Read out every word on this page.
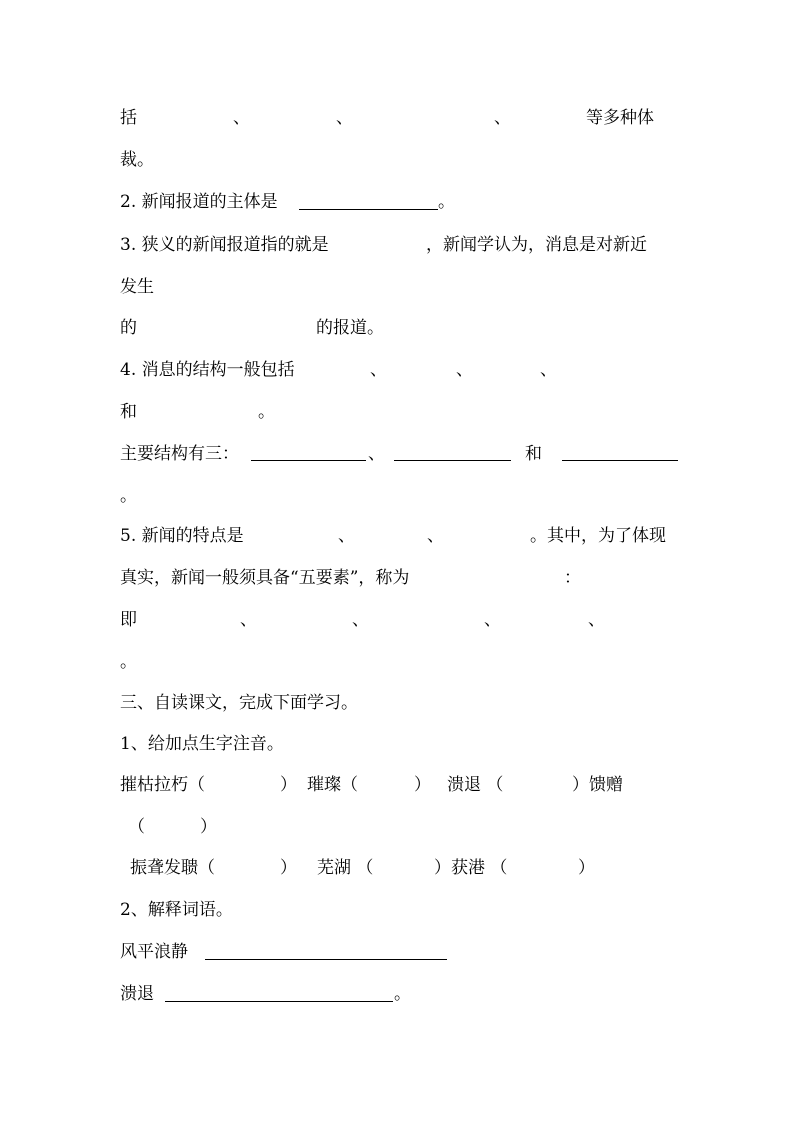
括

	、

	、

	、

	等多种体

裁。

2. 新闻报道的主体是

	。

3. 狭义的新闻报道指的就是

	，新闻学认为，消息是对新近

发生

的

	的报道。

4. 消息的结构一般包括

	、

	、

	、

和

	。

主要结构有三：

	、

	和

。

5. 新闻的特点是

	、

	、

	。其中，为了体现

真实，新闻一般须具备“五要素”，称为

	：

即

	、

	、

	、

	、

。

三、自读课文，完成下面学习。

1、给加点生字注音。

摧枯拉朽（

	）

璀璨（

	）

溃退 （

	）馈赠

（

	）

振聋发聩（

	）

芜湖 （

	）获港 （

	）

2、解释词语。

风平浪静

溃退

	。
